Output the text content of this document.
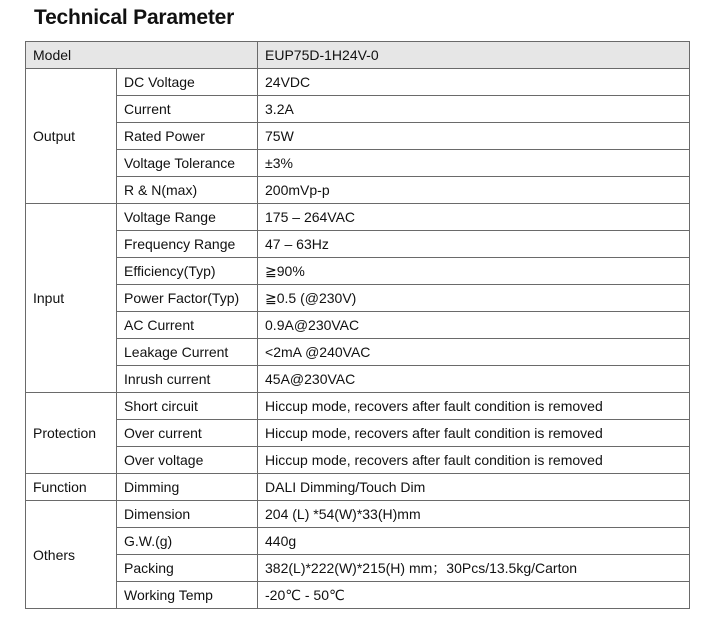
Technical Parameter
Model		EUP75D-1H24V-0
Output	DC Voltage	24VDC
	Current	3.2A
	Rated Power	75W
	Voltage Tolerance	±3%
	R & N(max)	200mVp-p
Input	Voltage Range	175 – 264VAC
	Frequency Range	47 – 63Hz
	Efficiency(Typ)	≧90%
	Power Factor(Typ)	≧0.5 (@230V)
	AC Current	0.9A@230VAC
	Leakage Current	<2mA @240VAC
	Inrush current	45A@230VAC
Protection	Short circuit	Hiccup mode, recovers after fault condition is removed
	Over current	Hiccup mode, recovers after fault condition is removed
	Over voltage	Hiccup mode, recovers after fault condition is removed
Function	Dimming	DALI Dimming/Touch Dim
Others	Dimension	204 (L) *54(W)*33(H)mm
	G.W.(g)	440g
	Packing	382(L)*222(W)*215(H) mm；30Pcs/13.5kg/Carton
	Working Temp	-20℃ - 50℃
